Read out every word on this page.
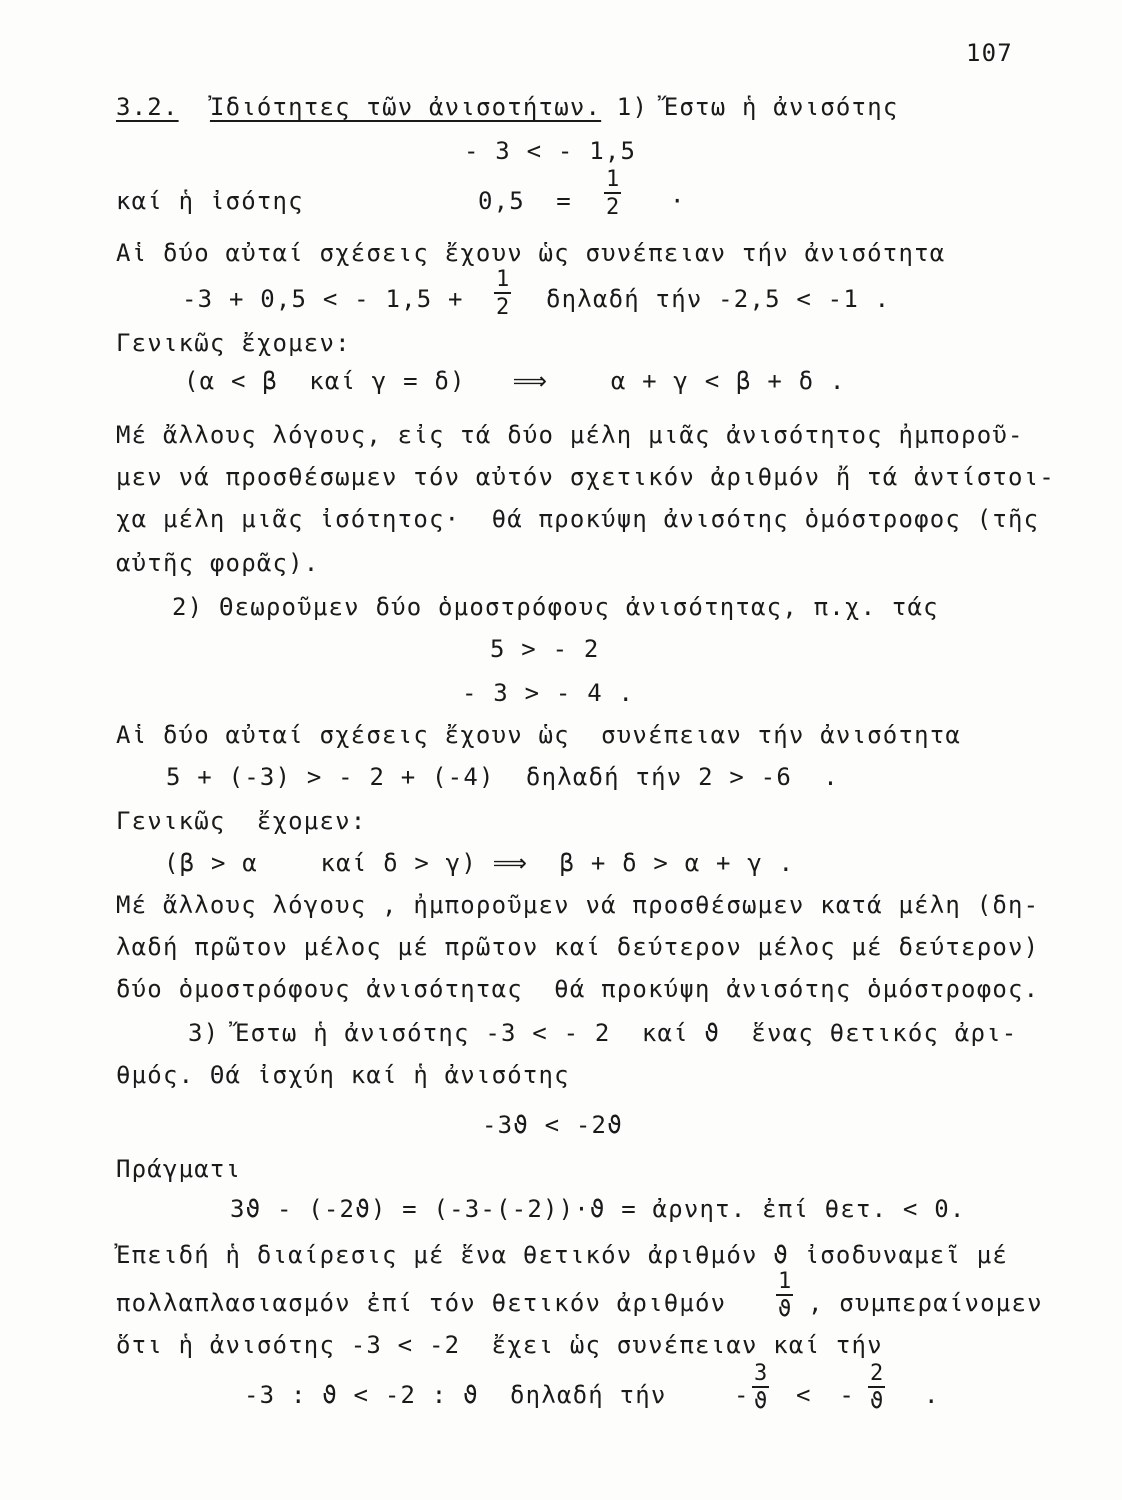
107
3.2. Ἰδιότητες τῶν ἀνισοτήτων. 1) Ἔστω ἡ ἀνισότης
- 3 < - 1,5
καί ἡ ἰσότης	$0,5 = \frac{1}{2}$ ·
Αἱ δύο αὐταί σχέσεις ἔχουν ὡς συνέπειαν τήν ἀνισότητα
-3 + 0,5 < - $1,5 + \frac{1}{2}$ δηλαδή τήν -2,5 < -1 .
Γενικῶς ἔχομεν:
(α < β  καί γ = δ)   ⟹    α + γ < β + δ .
Μέ ἄλλους λόγους, εἰς τά δύο μέλη μιᾶς ἀνισότητος ἠμποροῦ-
μεν νά προσθέσωμεν τόν αὐτόν σχετικόν ἀριθμόν ἤ τά ἀντίστοι-
χα μέλη μιᾶς ἰσότητος·  θά προκύψη ἀνισότης ὁμόστροφος (τῆς
αὐτῆς φορᾶς).
2) Θεωροῦμεν δύο ὁμοστρόφους ἀνισότητας, π.χ. τάς
5 > - 2
- 3 > - 4 .
Αἱ δύο αὐταί σχέσεις ἔχουν ὡς  συνέπειαν τήν ἀνισότητα
5 + (-3) > - 2 + (-4)  δηλαδή τήν 2 > -6  .
Γενικῶς  ἔχομεν:
(β > α    καί δ > γ) ⟹  β + δ > α + γ .
Μέ ἄλλους λόγους , ἠμποροῦμεν νά προσθέσωμεν κατά μέλη (δη-
λαδή πρῶτον μέλος μέ πρῶτον καί δεύτερον μέλος μέ δεύτερον)
δύο ὁμοστρόφους ἀνισότητας  θά προκύψη ἀνισότης ὁμόστροφος.
3) Ἔστω ἡ ἀνισότης -3 < - 2  καί ϑ  ἕνας θετικός ἀρι-
θμός. Θά ἰσχύη καί ἡ ἀνισότης
-3ϑ < -2ϑ
Πράγματι
3ϑ - (-2ϑ) = (-3-(-2))·ϑ = ἀρνητ. ἐπί θετ. < 0.
Ἐπειδή ἡ διαίρεσις μέ ἕνα θετικόν ἀριθμόν ϑ ἰσοδυναμεῖ μέ
πολλαπλασιασμόν ἐπί τόν θετικόν ἀριθμόν $\frac{1}{ϑ}$ , συμπεραίνομεν
ὅτι ἡ ἀνισότης -3 < -2  ἔχει ὡς συνέπειαν καί τήν
-3 : ϑ < -2 : ϑ  δηλαδή τήν	- $\frac{3}{ϑ}$ <  - $\frac{2}{ϑ}$ .
